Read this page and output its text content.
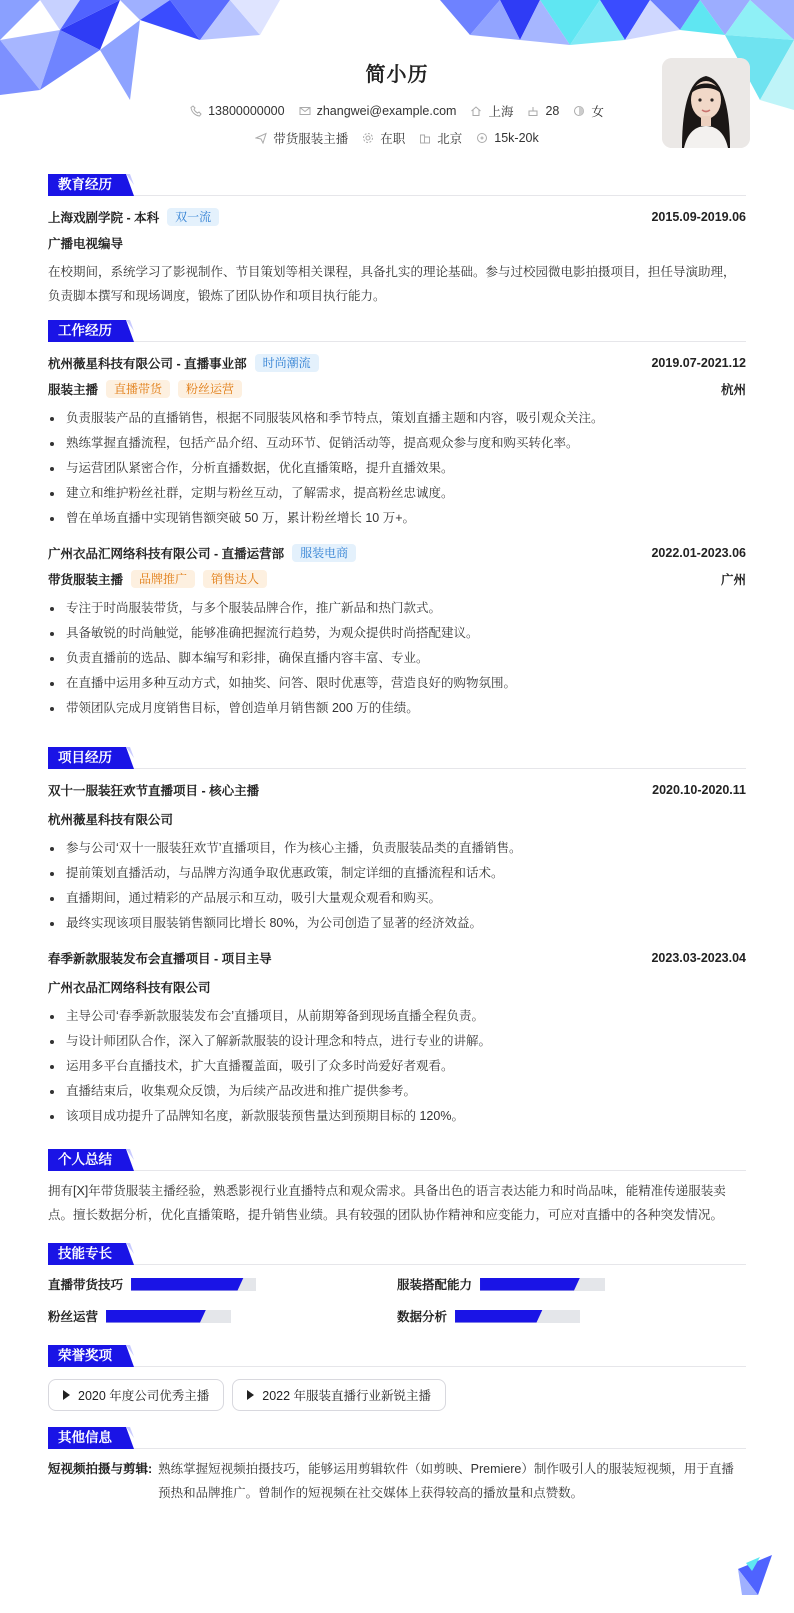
简小历
13800000000	zhangwei@example.com	上海	28	女
带货服装主播	在职	北京	15k-20k
教育经历
上海戏剧学院 - 本科	双一流	2015.09-2019.06
广播电视编导

在校期间，系统学习了影视制作、节目策划等相关课程，具备扎实的理论基础。参与过校园微电影拍摄项目，担任导演助理，负责脚本撰写和现场调度，锻炼了团队协作和项目执行能力。

工作经历
杭州薇星科技有限公司 - 直播事业部	时尚潮流	2019.07-2021.12
服装主播	直播带货	粉丝运营	杭州
负责服装产品的直播销售，根据不同服装风格和季节特点，策划直播主题和内容，吸引观众关注。
熟练掌握直播流程，包括产品介绍、互动环节、促销活动等，提高观众参与度和购买转化率。
与运营团队紧密合作，分析直播数据，优化直播策略，提升直播效果。
建立和维护粉丝社群，定期与粉丝互动，了解需求，提高粉丝忠诚度。
曾在单场直播中实现销售额突破 50 万，累计粉丝增长 10 万+。
广州衣品汇网络科技有限公司 - 直播运营部	服装电商	2022.01-2023.06
带货服装主播	品牌推广	销售达人	广州
专注于时尚服装带货，与多个服装品牌合作，推广新品和热门款式。
具备敏锐的时尚触觉，能够准确把握流行趋势，为观众提供时尚搭配建议。
负责直播前的选品、脚本编写和彩排，确保直播内容丰富、专业。
在直播中运用多种互动方式，如抽奖、问答、限时优惠等，营造良好的购物氛围。
带领团队完成月度销售目标，曾创造单月销售额 200 万的佳绩。
项目经历
双十一服装狂欢节直播项目 - 核心主播	2020.10-2020.11
杭州薇星科技有限公司
参与公司‘双十一服装狂欢节’直播项目，作为核心主播，负责服装品类的直播销售。
提前策划直播活动，与品牌方沟通争取优惠政策，制定详细的直播流程和话术。
直播期间，通过精彩的产品展示和互动，吸引大量观众观看和购买。
最终实现该项目服装销售额同比增长 80%，为公司创造了显著的经济效益。
春季新款服装发布会直播项目 - 项目主导	2023.03-2023.04
广州衣品汇网络科技有限公司
主导公司‘春季新款服装发布会’直播项目，从前期筹备到现场直播全程负责。
与设计师团队合作，深入了解新款服装的设计理念和特点，进行专业的讲解。
运用多平台直播技术，扩大直播覆盖面，吸引了众多时尚爱好者观看。
直播结束后，收集观众反馈，为后续产品改进和推广提供参考。
该项目成功提升了品牌知名度，新款服装预售量达到预期目标的 120%。
个人总结

拥有[X]年带货服装主播经验，熟悉影视行业直播特点和观众需求。具备出色的语言表达能力和时尚品味，能精准传递服装卖点。擅长数据分析，优化直播策略，提升销售业绩。具有较强的团队协作精神和应变能力，可应对直播中的各种突发情况。

技能专长
直播带货技巧	服装搭配能力
粉丝运营	数据分析
荣誉奖项
2020 年度公司优秀主播	2022 年服装直播行业新锐主播
其他信息
短视频拍摄与剪辑: 熟练掌握短视频拍摄技巧，能够运用剪辑软件（如剪映、Premiere）制作吸引人的服装短视频，用于直播预热和品牌推广。曾制作的短视频在社交媒体上获得较高的播放量和点赞数。
